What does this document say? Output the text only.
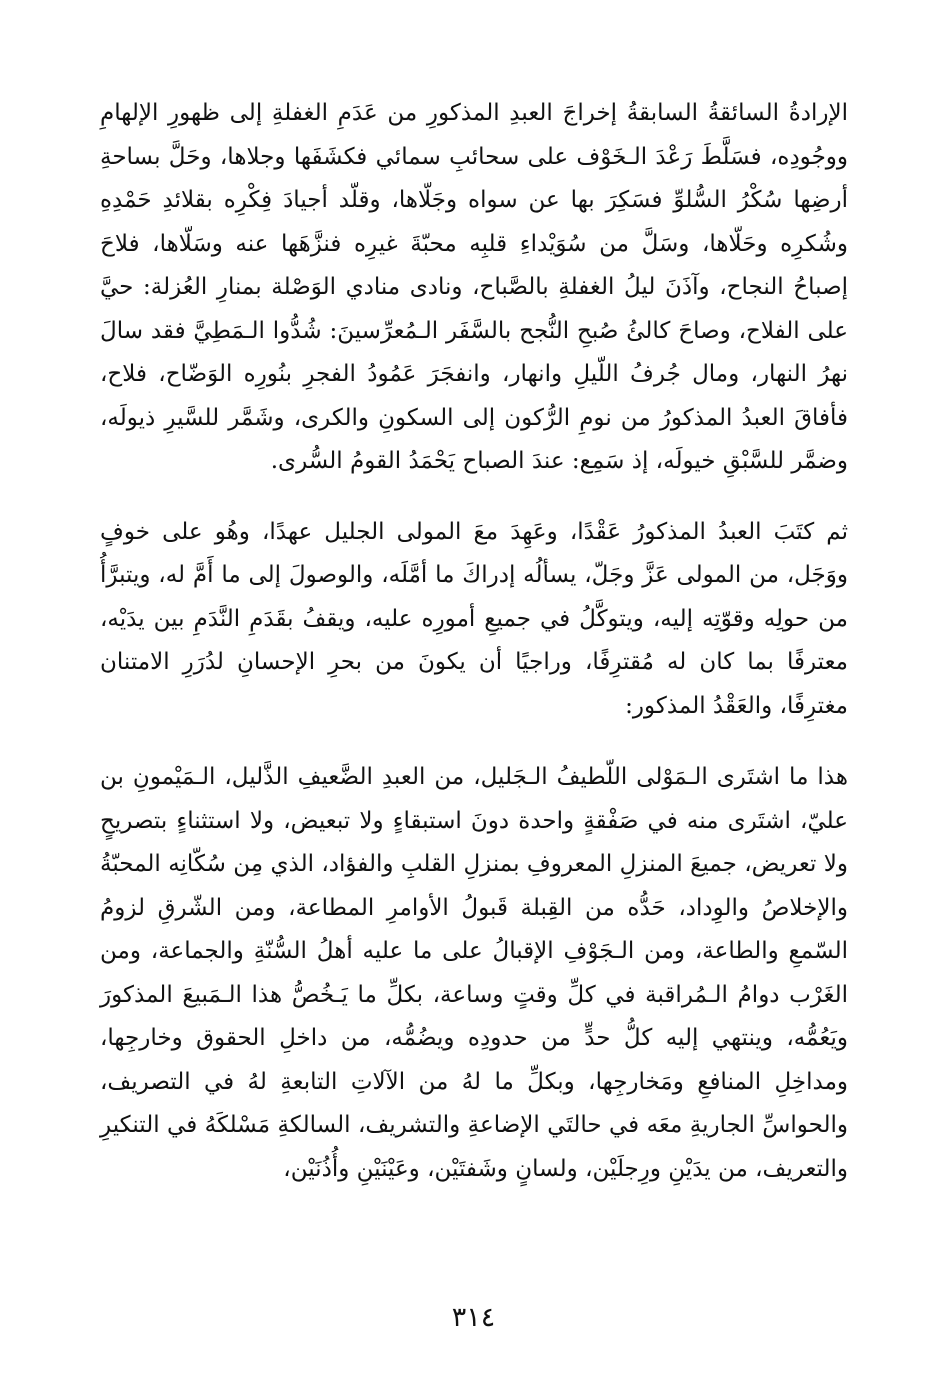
الإرادةُ السائقةُ السابقةُ إخراجَ العبدِ المذكورِ من عَدَمِ الغفلةِ إلى ظهورِ الإلهامِ ووجُودِه، فسَلَّطَ رَعْدَ الـخَوْف على سحائبِ سمائي فكشَفَها وجلاها، وحَلَّ بساحةِ أرضِها سُكْرُ السُّلوِّ فسَكِرَ بها عن سواه وجَلّاها، وقلّد أجيادَ فِكْرِه بقلائدِ حَمْدِهِ وشُكرِه وحَلّاها، وسَلَّ من سُوَيْداءِ قلبِه محبّةَ غيرِه فنزَّهَها عنه وسَلّاها، فلاحَ إصباحُ النجاح، وآذَنَ ليلُ الغفلةِ بالصَّباح، ونادى منادي الوَصْلة بمنارِ العُزلة: حيَّ على الفلاح، وصاحَ كالئُ صُبحِ النُّجح بالسَّفَر الـمُعرِّسينَ: شُدُّوا الـمَطِيَّ فقد سالَ نهرُ النهار، ومال جُرفُ اللّيلِ وانهار، وانفجَرَ عَمُودُ الفجرِ بنُورِه الوَضّاح، فلاح، فأفاقَ العبدُ المذكورُ من نومِ الرُّكون إلى السكونِ والكرى، وشَمَّر للسَّيرِ ذيولَه، وضمَّر للسَّبْقِ خيولَه، إذ سَمِع: عندَ الصباح يَحْمَدُ القومُ السُّرى.

ثم كتَبَ العبدُ المذكورُ عَقْدًا، وعَهِدَ معَ المولى الجليل عهدًا، وهُو على خوفٍ ووَجَل، من المولى عَزَّ وجَلّ، يسألُه إدراكَ ما أمَّلَه، والوصولَ إلى ما أَمَّ له، ويتبرَّأُ من حولِه وقوّتِه إليه، ويتوكَّلُ في جميعِ أمورِه عليه، ويقفُ بقَدَمِ النَّدَمِ بين يدَيْه، معترفًا بما كان له مُقترِفًا، وراجيًا أن يكونَ من بحرِ الإحسانِ لدُرَرِ الامتنان مغترِفًا، والعَقْدُ المذكور:

هذا ما اشتَرى الـمَوْلى اللّطيفُ الـجَليل، من العبدِ الضَّعيفِ الذَّليل، الـمَيْمونِ بن عليّ، اشتَرى منه في صَفْقةٍ واحدة دونَ استبقاءٍ ولا تبعيض، ولا استثناءٍ بتصريحٍ ولا تعريض، جميعَ المنزلِ المعروفِ بمنزلِ القلبِ والفؤاد، الذي مِن سُكّانِه المحبّةُ والإخلاصُ والوِداد، حَدُّه من القِبلة قَبولُ الأوامرِ المطاعة، ومن الشّرقِ لزومُ السّمعِ والطاعة، ومن الـجَوْفِ الإقبالُ على ما عليه أهلُ السُّنّةِ والجماعة، ومن الغَرْب دوامُ الـمُراقبة في كلِّ وقتٍ وساعة، بكلِّ ما يَـخُصُّ هذا الـمَبيعَ المذكورَ ويَعُمُّه، وينتهي إليه كلُّ حدٍّ من حدودِه ويضُمُّه، من داخلِ الحقوق وخارجِها، ومداخِلِ المنافعِ ومَخارجِها، وبكلِّ ما لهُ من الآلاتِ التابعةِ لهُ في التصريف، والحواسِّ الجاريةِ معَه في حالتَي الإضاعةِ والتشريف، السالكةِ مَسْلكَهُ في التنكيرِ والتعريف، من يدَيْنِ ورِجلَيْن، ولسانٍ وشَفتَيْن، وعَيْنَيْنِ وأُذُنَيْن،

٣١٤
